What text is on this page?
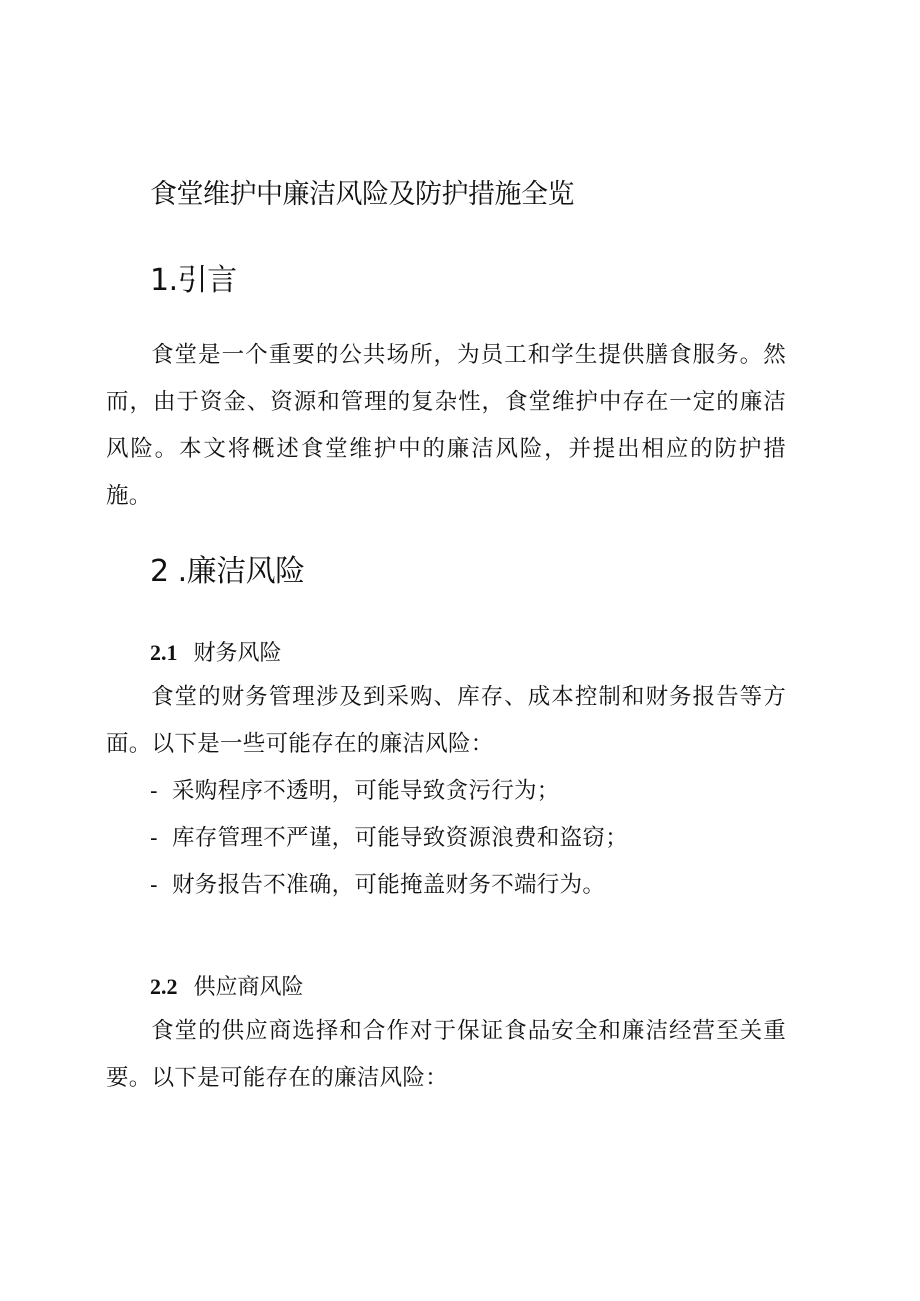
食堂维护中廉洁风险及防护措施全览
1.引言

食堂是一个重要的公共场所，为员工和学生提供膳食服务。然而，由于资金、资源和管理的复杂性，食堂维护中存在一定的廉洁风险。本文将概述食堂维护中的廉洁风险，并提出相应的防护措施。

2 .廉洁风险
2.1 财务风险

食堂的财务管理涉及到采购、库存、成本控制和财务报告等方面。以下是一些可能存在的廉洁风险：

- 采购程序不透明，可能导致贪污行为；
- 库存管理不严谨，可能导致资源浪费和盗窃；
- 财务报告不准确，可能掩盖财务不端行为。
2.2 供应商风险

食堂的供应商选择和合作对于保证食品安全和廉洁经营至关重要。以下是可能存在的廉洁风险：
